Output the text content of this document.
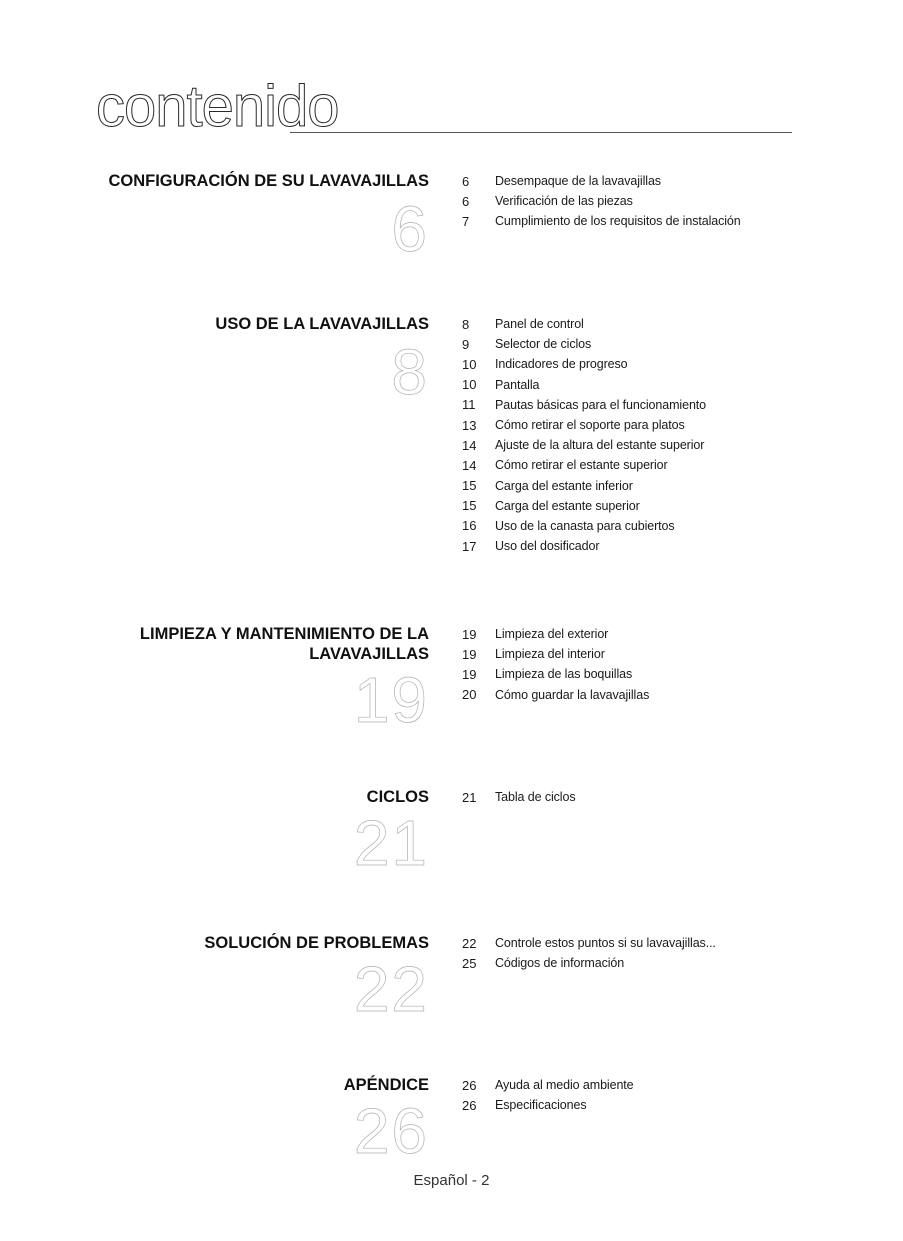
contenido
CONFIGURACIÓN DE SU LAVAVAJILLAS
6
6	Desempaque de la lavavajillas
6	Verificación de las piezas
7	Cumplimiento de los requisitos de instalación
USO DE LA LAVAVAJILLAS
8
8	Panel de control
9	Selector de ciclos
10	Indicadores de progreso
10	Pantalla
11	Pautas básicas para el funcionamiento
13	Cómo retirar el soporte para platos
14	Ajuste de la altura del estante superior
14	Cómo retirar el estante superior
15	Carga del estante inferior
15	Carga del estante superior
16	Uso de la canasta para cubiertos
17	Uso del dosificador
LIMPIEZA Y MANTENIMIENTO DE LA
LAVAVAJILLAS
19
19	Limpieza del exterior
19	Limpieza del interior
19	Limpieza de las boquillas
20	Cómo guardar la lavavajillas
CICLOS
21
21	Tabla de ciclos
SOLUCIÓN DE PROBLEMAS
22
22	Controle estos puntos si su lavavajillas...
25	Códigos de información
APÉNDICE
26
26	Ayuda al medio ambiente
26	Especificaciones
Español - 2
